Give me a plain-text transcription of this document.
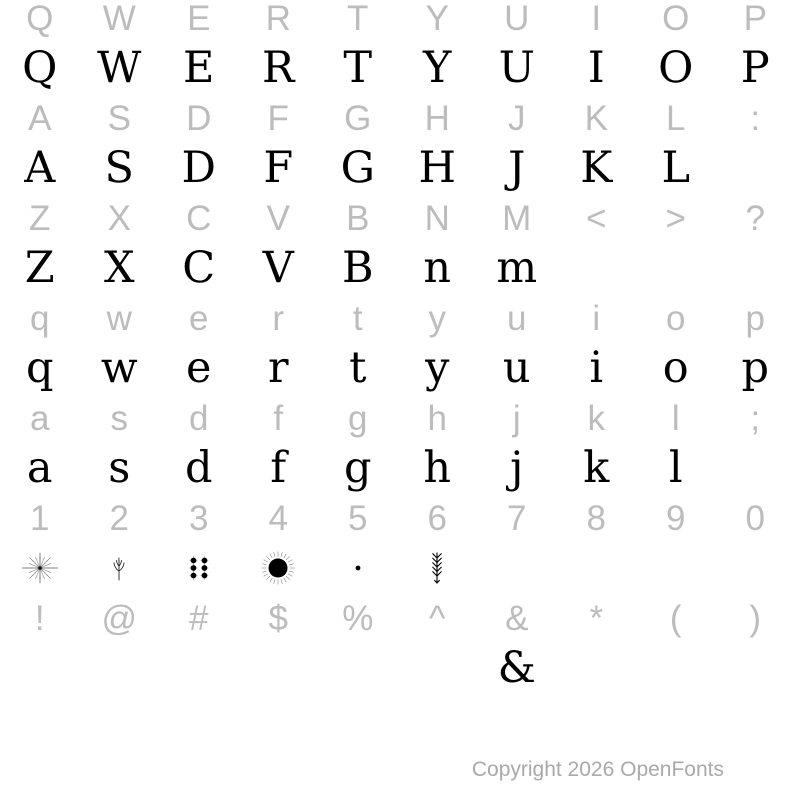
Q W E R T Y U I O P
Q W E R T Y U I O P
A S D F G H J K L :
A S D F G H J K L
Z X C V B N M < > ?
Z X C V B n m
q w e r t y u i o p
q w e r t y u i o p
a s d f g h j k l ;
a s d f g h j k l
1 2 3 4 5 6 7 8 9 0
! @ # $ % ^ & * ( )
&
Copyright 2026 OpenFonts
